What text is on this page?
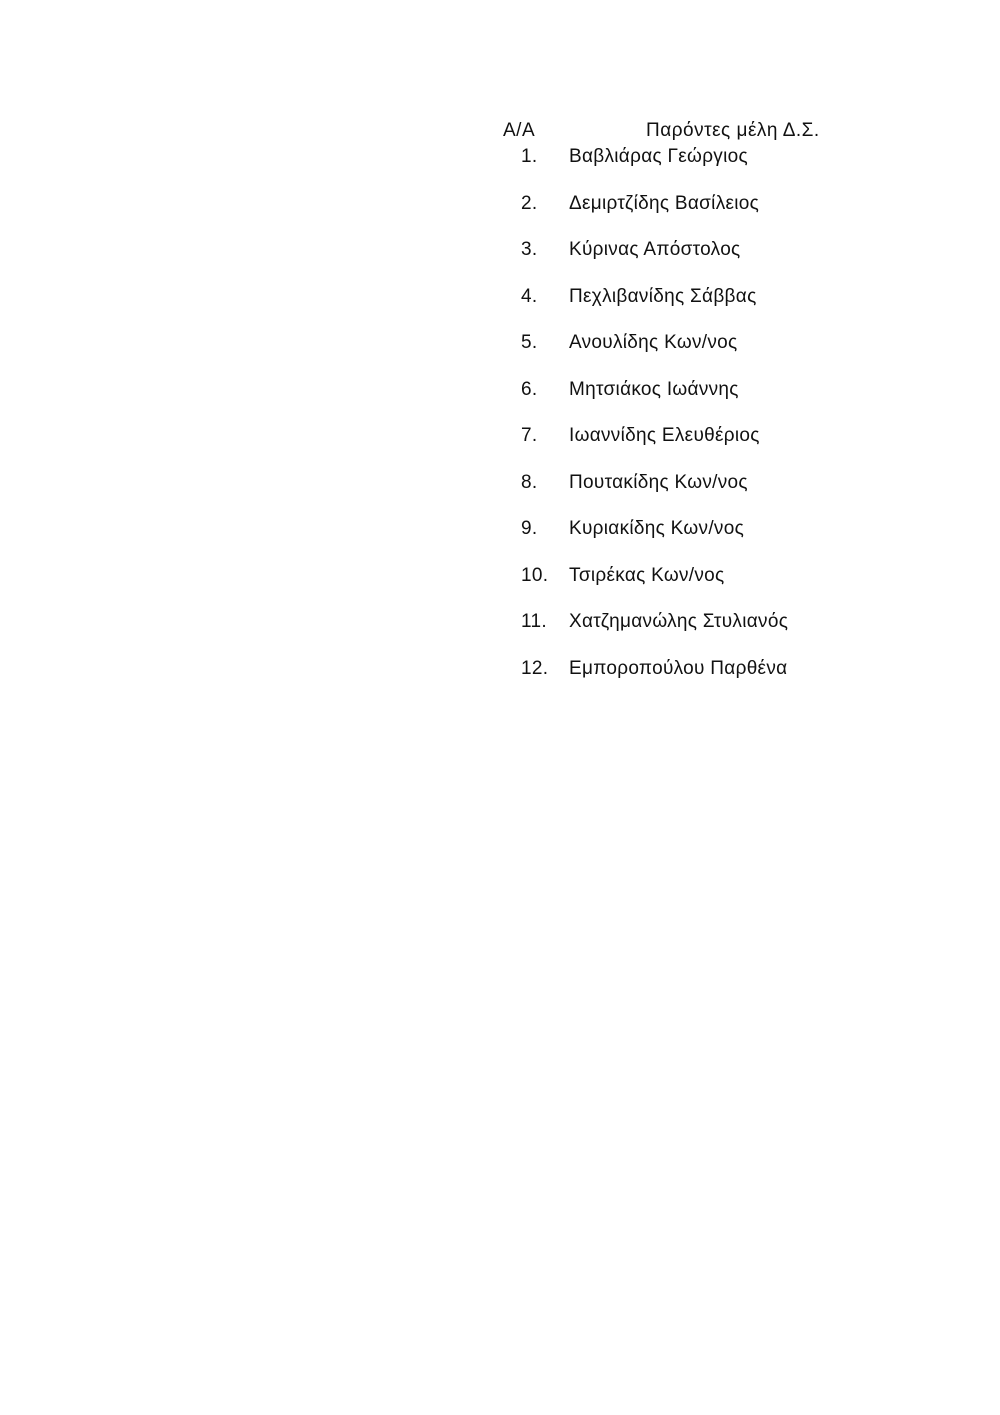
Α/Α	Παρόντες μέλη Δ.Σ.
1.	Βαβλιάρας Γεώργιος
2.	Δεμιρτζίδης Βασίλειος
3.	Κύρινας Απόστολος
4.	Πεχλιβανίδης Σάββας
5.	Ανουλίδης Κων/νος
6.	Μητσιάκος Ιωάννης
7.	Ιωαννίδης Ελευθέριος
8.	Πουτακίδης Κων/νος
9.	Κυριακίδης Κων/νος
10.	Τσιρέκας Κων/νος
11.	Χατζημανώλης Στυλιανός
12.	Εμποροπούλου Παρθένα
